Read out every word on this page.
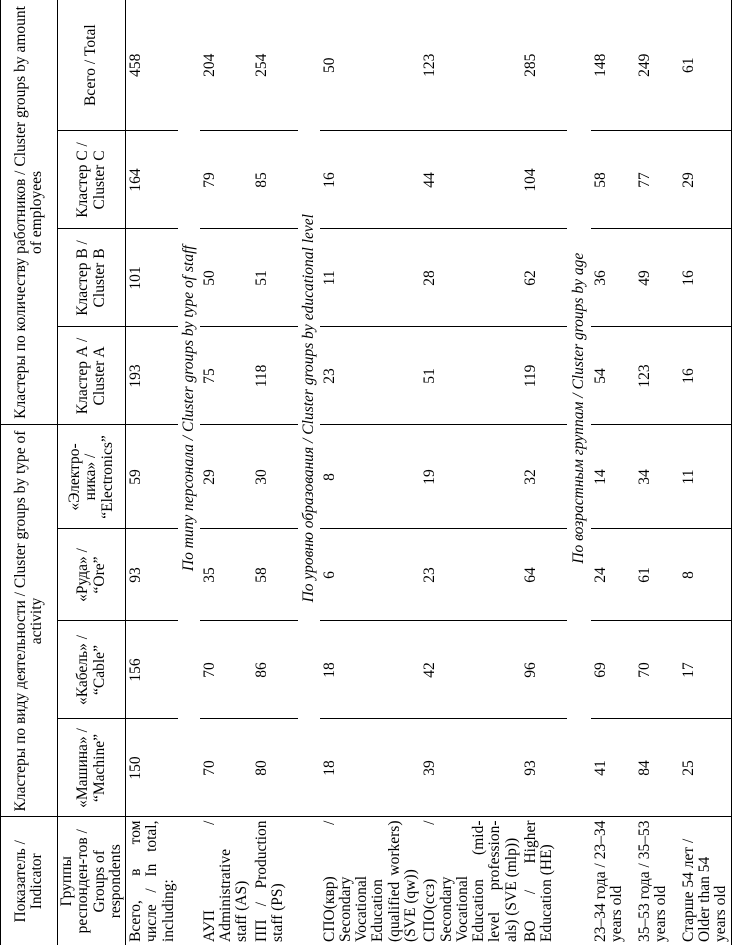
Показатель / Indicator	Кластеры по виду деятельности / Cluster groups by type of activity				Кластеры по количеству работников / Cluster groups by amount of employees			
Группы респонден-тов / Groups of respondents	«Машина» / “Machine”	«Кабель» / “Cable”	«Руда» / “Ore”	«Электро-ника» / “Electronics”	Кластер А / Cluster A	Кластер В / Cluster B	Кластер С / Cluster C	Всего / Total
Всего, в том числе / In total, including:	150	156	93	59	193	101	164	458
	По типу персонала / Cluster groups by type of staff							
АУП / Administrative staff (AS)	70	70	35	29	75	50	79	204
ПП / Production staff (PS)	80	86	58	30	118	51	85	254
	По уровню образования / Cluster groups by educational level							
СПО(квр) / Secondary Vocational Education (qualified workers) (SVE (qw))	18	18	6	8	23	11	16	50
СПО(ссз) / Secondary Vocational Education (mid-level profession-als) (SVE (mlp))	39	42	23	19	51	28	44	123
ВО / Higher Education (HE)	93	96	64	32	119	62	104	285
	По возрастным группам / Cluster groups by age							
23–34 года / 23–34 years old	41	69	24	14	54	36	58	148
35–53 года / 35–53 years old	84	70	61	34	123	49	77	249
Старше 54 лет / Older than 54 years old	25	17	8	11	16	16	29	61
